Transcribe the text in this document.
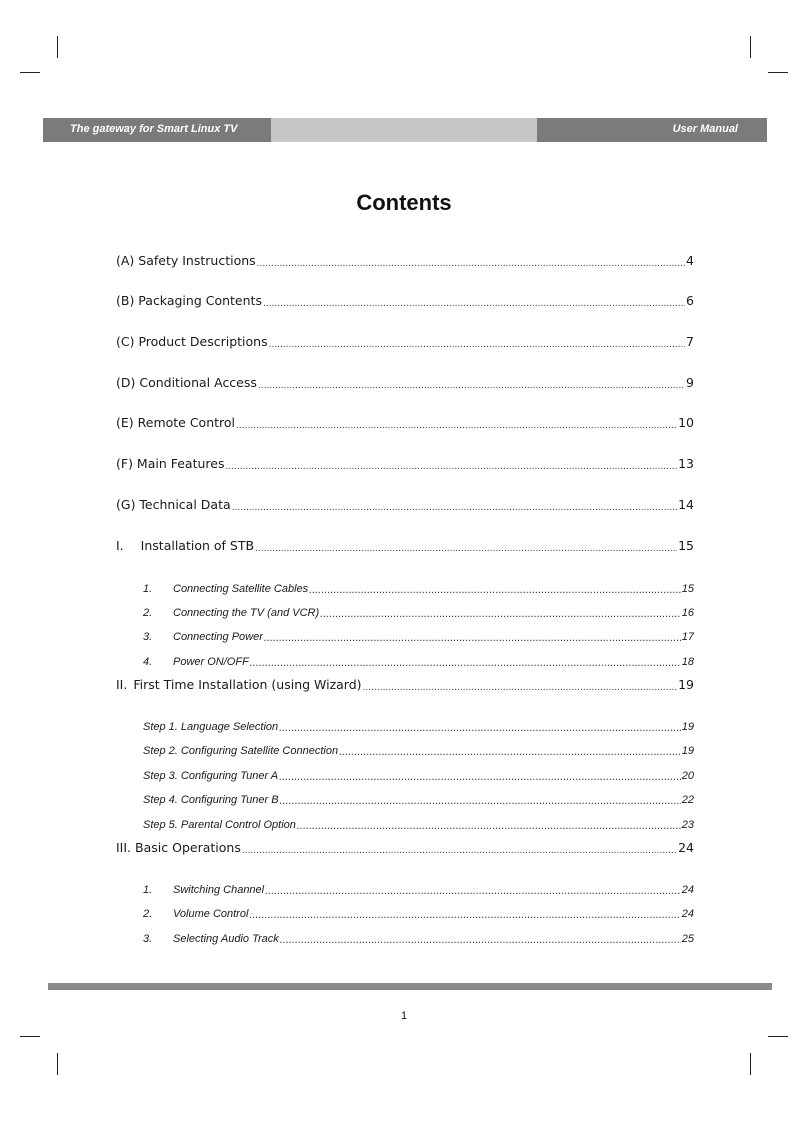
The gateway for Smart Linux TV	User Manual
Contents
(A) Safety Instructions .....	4
(B) Packaging Contents .....	6
(C) Product Descriptions .....	7
(D) Conditional Access .....	9
(E) Remote Control .....	10
(F) Main Features .....	13
(G) Technical Data .....	14
I. Installation of STB .....	15
1. Connecting Satellite Cables .....	15
2. Connecting the TV (and VCR) .....	16
3. Connecting Power .....	17
4. Power ON/OFF .....	18
II. First Time Installation (using Wizard) .....	19
Step 1. Language Selection .....	19
Step 2. Configuring Satellite Connection .....	19
Step 3. Configuring Tuner A .....	20
Step 4. Configuring Tuner B .....	22
Step 5. Parental Control Option .....	23
III. Basic Operations .....	24
1. Switching Channel .....	24
2. Volume Control .....	24
3. Selecting Audio Track .....	25
1
